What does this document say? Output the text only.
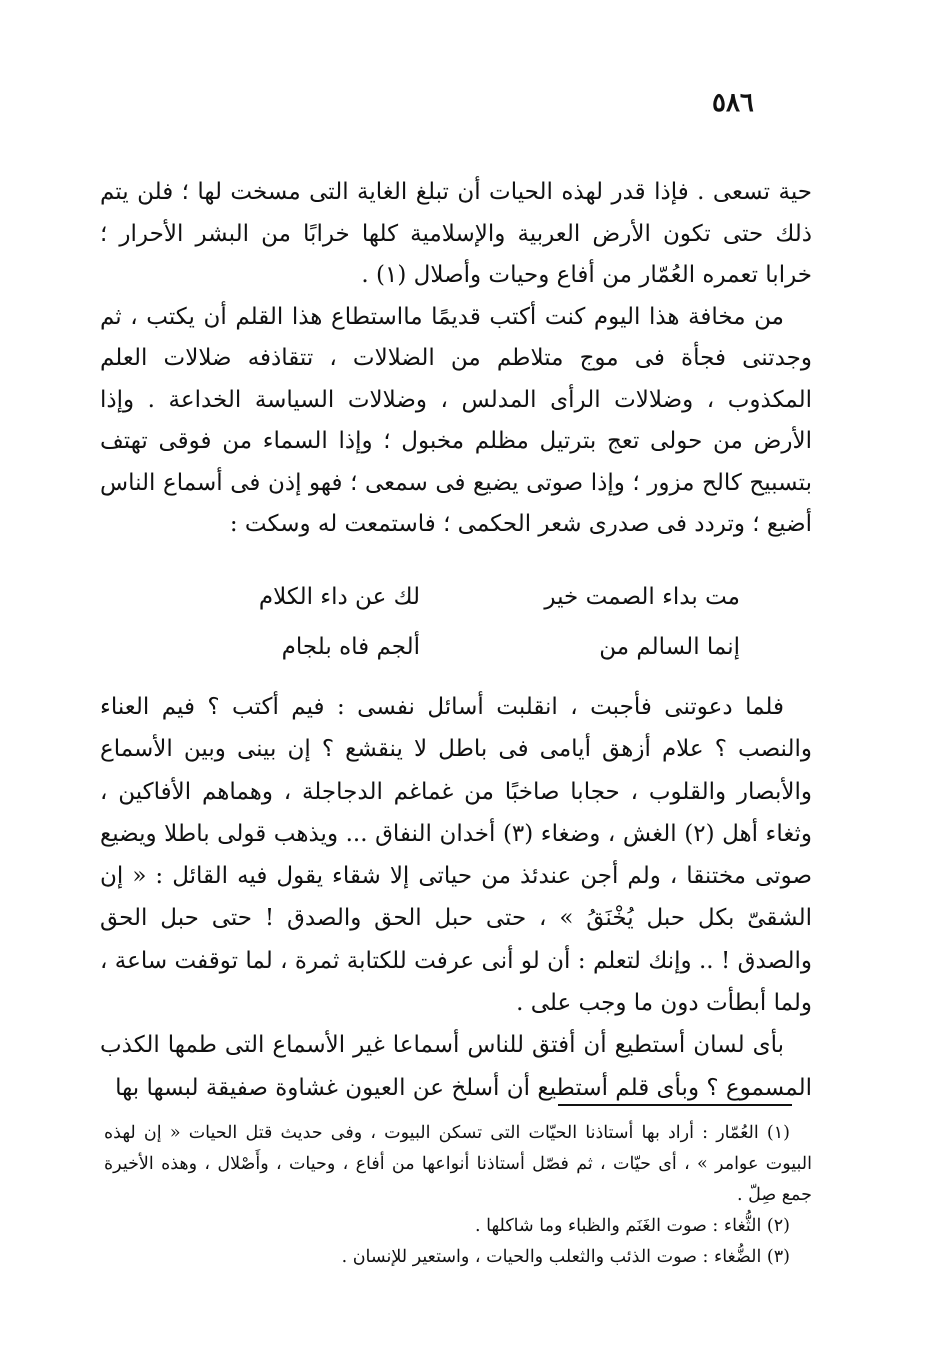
٥٨٦

حية تسعى . فإذا قدر لهذه الحيات أن تبلغ الغاية التى مسخت لها ؛ فلن يتم ذلك حتى تكون الأرض العربية والإسلامية كلها خرابًا من البشر الأحرار ؛ خرابا تعمره العُمّار من أفاع وحيات وأصلال (١) .

من مخافة هذا اليوم كنت أكتب قديمًا مااستطاع هذا القلم أن يكتب ، ثم وجدتنى فجأة فى موج متلاطم من الضلالات ، تتقاذفه ضلالات العلم المكذوب ، وضلالات الرأى المدلس ، وضلالات السياسة الخداعة . وإذا الأرض من حولى تعج بترتيل مظلم مخبول ؛ وإذا السماء من فوقى تهتف بتسبيح كالح مزور ؛ وإذا صوتى يضيع فى سمعى ؛ فهو إذن فى أسماع الناس أضيع ؛ وتردد فى صدرى شعر الحكمى ؛ فاستمعت له وسكت :

مت بداء الصمت خير
لك عن داء الكلام
إنما السالم من
ألجم فاه بلجام

فلما دعوتنى فأجبت ، انقلبت أسائل نفسى : فيم أكتب ؟ فيم العناء والنصب ؟ علام أزهق أيامى فى باطل لا ينقشع ؟ إن بينى وبين الأسماع والأبصار والقلوب ، حجابا صاخبًا من غماغم الدجاجلة ، وهماهم الأفاكين ، وثغاء أهل (٢) الغش ، وضغاء (٣) أخدان النفاق ... ويذهب قولى باطلا ويضيع صوتى مختنقا ، ولم أجن عندئذ من حياتى إلا شقاء يقول فيه القائل : « إن الشقىّ بكل حبل يُخْنَقُ » ، حتى حبل الحق والصدق ! حتى حبل الحق والصدق ! .. وإنك لتعلم : أن لو أنى عرفت للكتابة ثمرة ، لما توقفت ساعة ، ولما أبطأت دون ما وجب على .

بأى لسان أستطيع أن أفتق للناس أسماعا غير الأسماع التى طمها الكذب المسموع ؟ وبأى قلم أستطيع أن أسلخ عن العيون غشاوة صفيقة لبسها بها

(١) العُمّار : أراد بها أستاذنا الحيّات التى تسكن البيوت ، وفى حديث قتل الحيات « إن لهذه البيوت عوامر » ، أى حيّات ، ثم فصّل أستاذنا أنواعها من أفاع ، وحيات ، وأَصْلال ، وهذه الأخيرة جمع صِلّ .

(٢) الثُّغاء : صوت الغَنَم والظباء وما شاكلها .

(٣) الضُّغاء : صوت الذئب والثعلب والحيات ، واستعير للإنسان .
